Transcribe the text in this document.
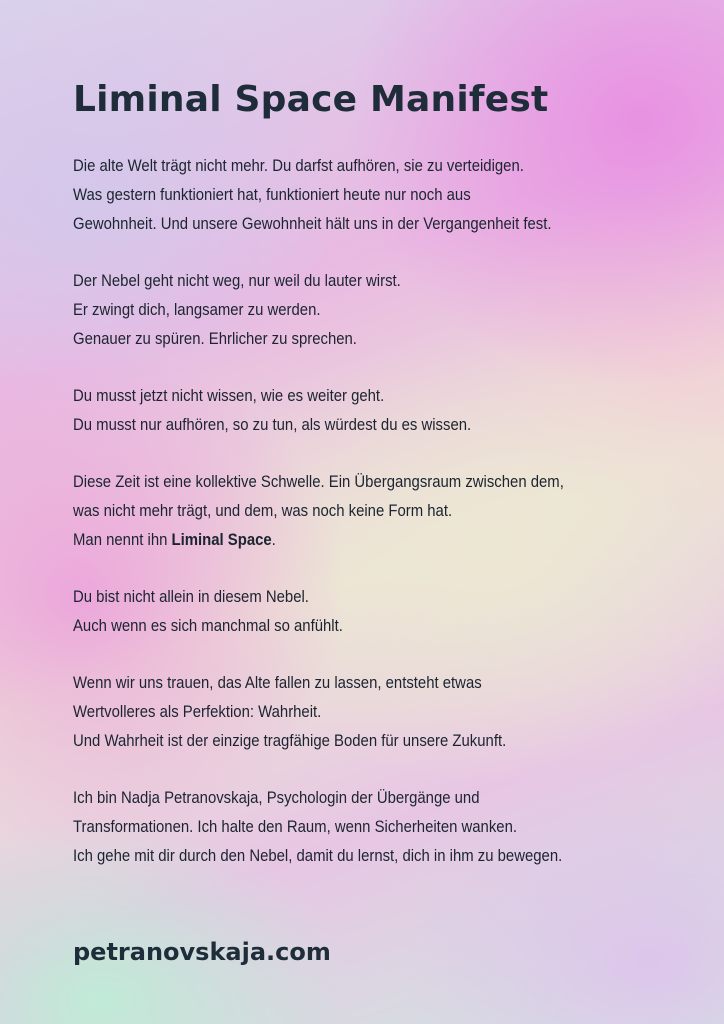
Liminal Space Manifest

Die alte Welt trägt nicht mehr. Du darfst aufhören, sie zu verteidigen.
Was gestern funktioniert hat, funktioniert heute nur noch aus
Gewohnheit. Und unsere Gewohnheit hält uns in der Vergangenheit fest.

Der Nebel geht nicht weg, nur weil du lauter wirst.
Er zwingt dich, langsamer zu werden.
Genauer zu spüren. Ehrlicher zu sprechen.

Du musst jetzt nicht wissen, wie es weiter geht.
Du musst nur aufhören, so zu tun, als würdest du es wissen.

Diese Zeit ist eine kollektive Schwelle. Ein Übergangsraum zwischen dem,
was nicht mehr trägt, und dem, was noch keine Form hat.
Man nennt ihn Liminal Space.

Du bist nicht allein in diesem Nebel.
Auch wenn es sich manchmal so anfühlt.

Wenn wir uns trauen, das Alte fallen zu lassen, entsteht etwas
Wertvolleres als Perfektion: Wahrheit.
Und Wahrheit ist der einzige tragfähige Boden für unsere Zukunft.

Ich bin Nadja Petranovskaja, Psychologin der Übergänge und
Transformationen. Ich halte den Raum, wenn Sicherheiten wanken.
Ich gehe mit dir durch den Nebel, damit du lernst, dich in ihm zu bewegen.

petranovskaja.com
